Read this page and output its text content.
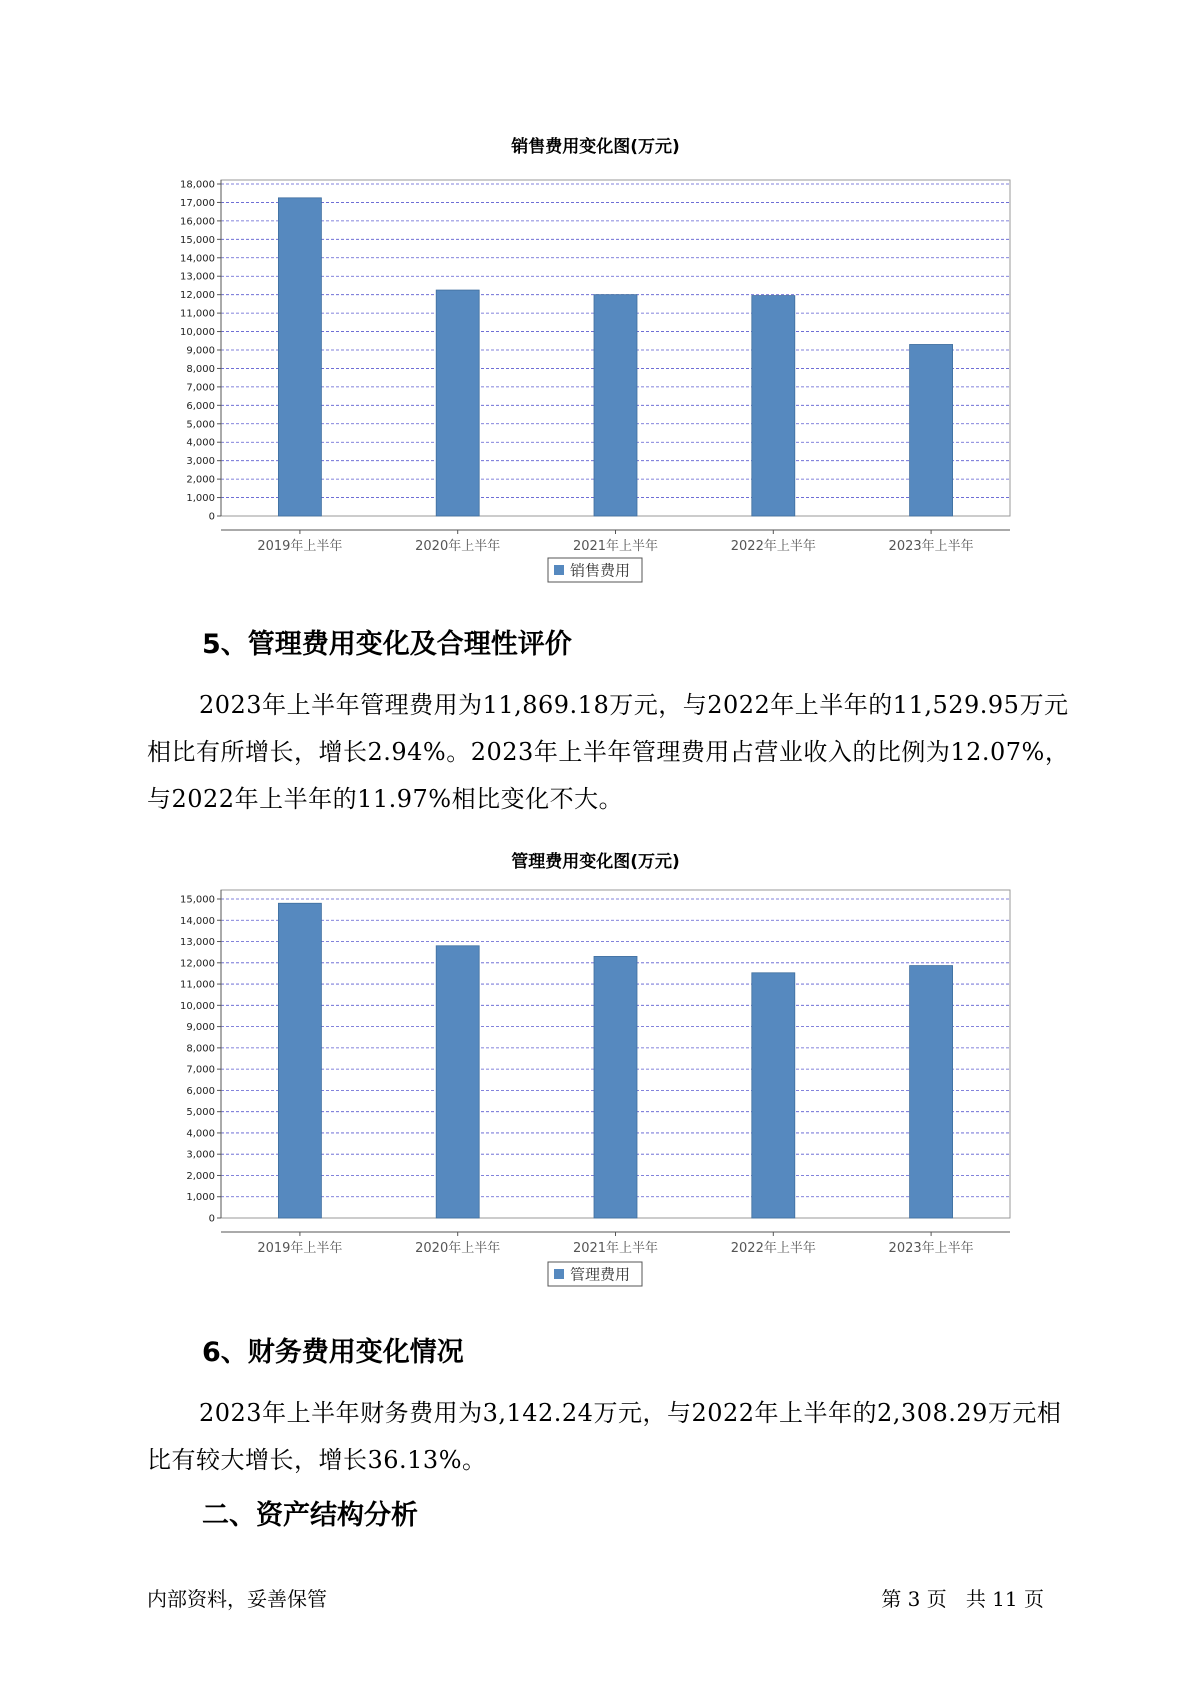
销售费用变化图(万元)
0
1,000
2,000
3,000
4,000
5,000
6,000
7,000
8,000
9,000
10,000
11,000
12,000
13,000
14,000
15,000
16,000
17,000
18,000
2019年上半年	2020年上半年	2021年上半年	2022年上半年	2023年上半年
销售费用
5、管理费用变化及合理性评价

2023年上半年管理费用为11,869.18万元，与2022年上半年的11,529.95万元相比有所增长，增长2.94%。2023年上半年管理费用占营业收入的比例为12.07%，与2022年上半年的11.97%相比变化不大。

管理费用变化图(万元)
0
1,000
2,000
3,000
4,000
5,000
6,000
7,000
8,000
9,000
10,000
11,000
12,000
13,000
14,000
15,000
2019年上半年	2020年上半年	2021年上半年	2022年上半年	2023年上半年
管理费用
6、财务费用变化情况

2023年上半年财务费用为3,142.24万元，与2022年上半年的2,308.29万元相比有较大增长，增长36.13%。

二、资产结构分析
内部资料，妥善保管	第 3 页   共 11 页
